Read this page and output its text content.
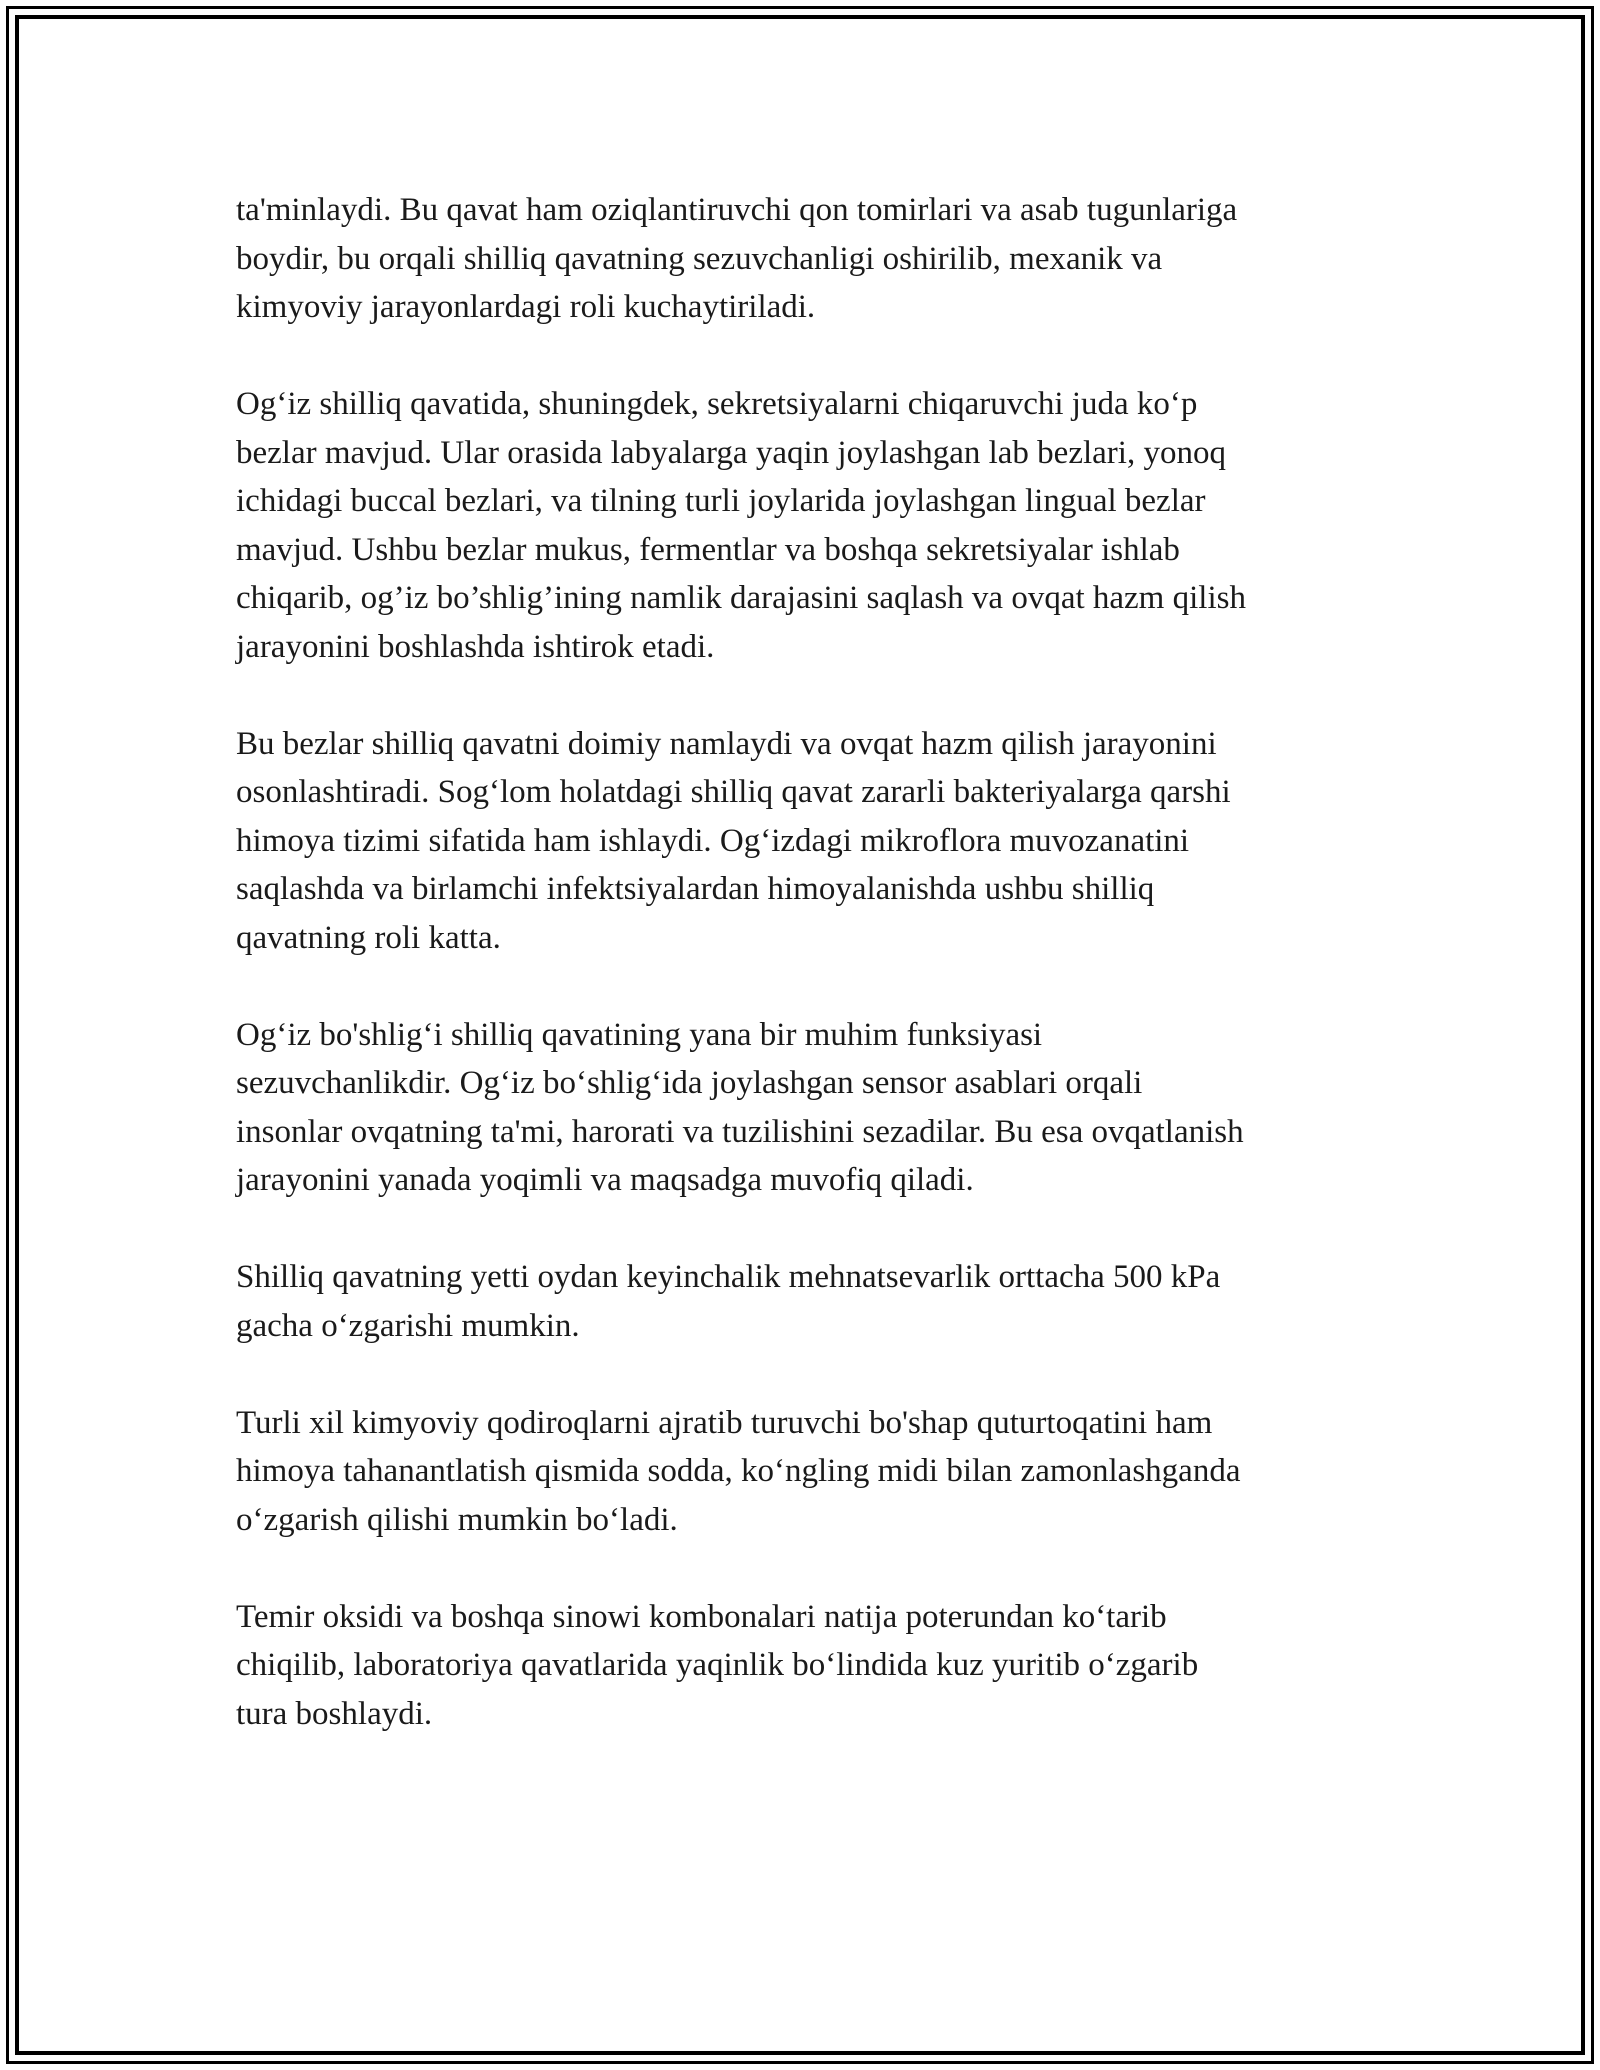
ta'minlaydi. Bu qavat ham oziqlantiruvchi qon tomirlari va asab tugunlariga
boydir, bu orqali shilliq qavatning sezuvchanligi oshirilib, mexanik va
kimyoviy jarayonlardagi roli kuchaytiriladi.

Og‘iz shilliq qavatida, shuningdek, sekretsiyalarni chiqaruvchi juda ko‘p
bezlar mavjud. Ular orasida labyalarga yaqin joylashgan lab bezlari, yonoq
ichidagi buccal bezlari, va tilning turli joylarida joylashgan lingual bezlar
mavjud. Ushbu bezlar mukus, fermentlar va boshqa sekretsiyalar ishlab
chiqarib, og’iz bo’shlig’ining namlik darajasini saqlash va ovqat hazm qilish
jarayonini boshlashda ishtirok etadi.

Bu bezlar shilliq qavatni doimiy namlaydi va ovqat hazm qilish jarayonini
osonlashtiradi. Sog‘lom holatdagi shilliq qavat zararli bakteriyalarga qarshi
himoya tizimi sifatida ham ishlaydi. Og‘izdagi mikroflora muvozanatini
saqlashda va birlamchi infektsiyalardan himoyalanishda ushbu shilliq
qavatning roli katta.

Og‘iz bo'shlig‘i shilliq qavatining yana bir muhim funksiyasi
sezuvchanlikdir. Og‘iz bo‘shlig‘ida joylashgan sensor asablari orqali
insonlar ovqatning ta'mi, harorati va tuzilishini sezadilar. Bu esa ovqatlanish
jarayonini yanada yoqimli va maqsadga muvofiq qiladi.

Shilliq qavatning yetti oydan keyinchalik mehnatsevarlik orttacha 500 kPa
gacha o‘zgarishi mumkin.

Turli xil kimyoviy qodiroqlarni ajratib turuvchi bo'shap quturtoqatini ham
himoya tahanantlatish qismida sodda, ko‘ngling midi bilan zamonlashganda
o‘zgarish qilishi mumkin bo‘ladi.

Temir oksidi va boshqa sinowi kombonalari natija poterundan ko‘tarib
chiqilib, laboratoriya qavatlarida yaqinlik bo‘lindida kuz yuritib o‘zgarib
tura boshlaydi.
